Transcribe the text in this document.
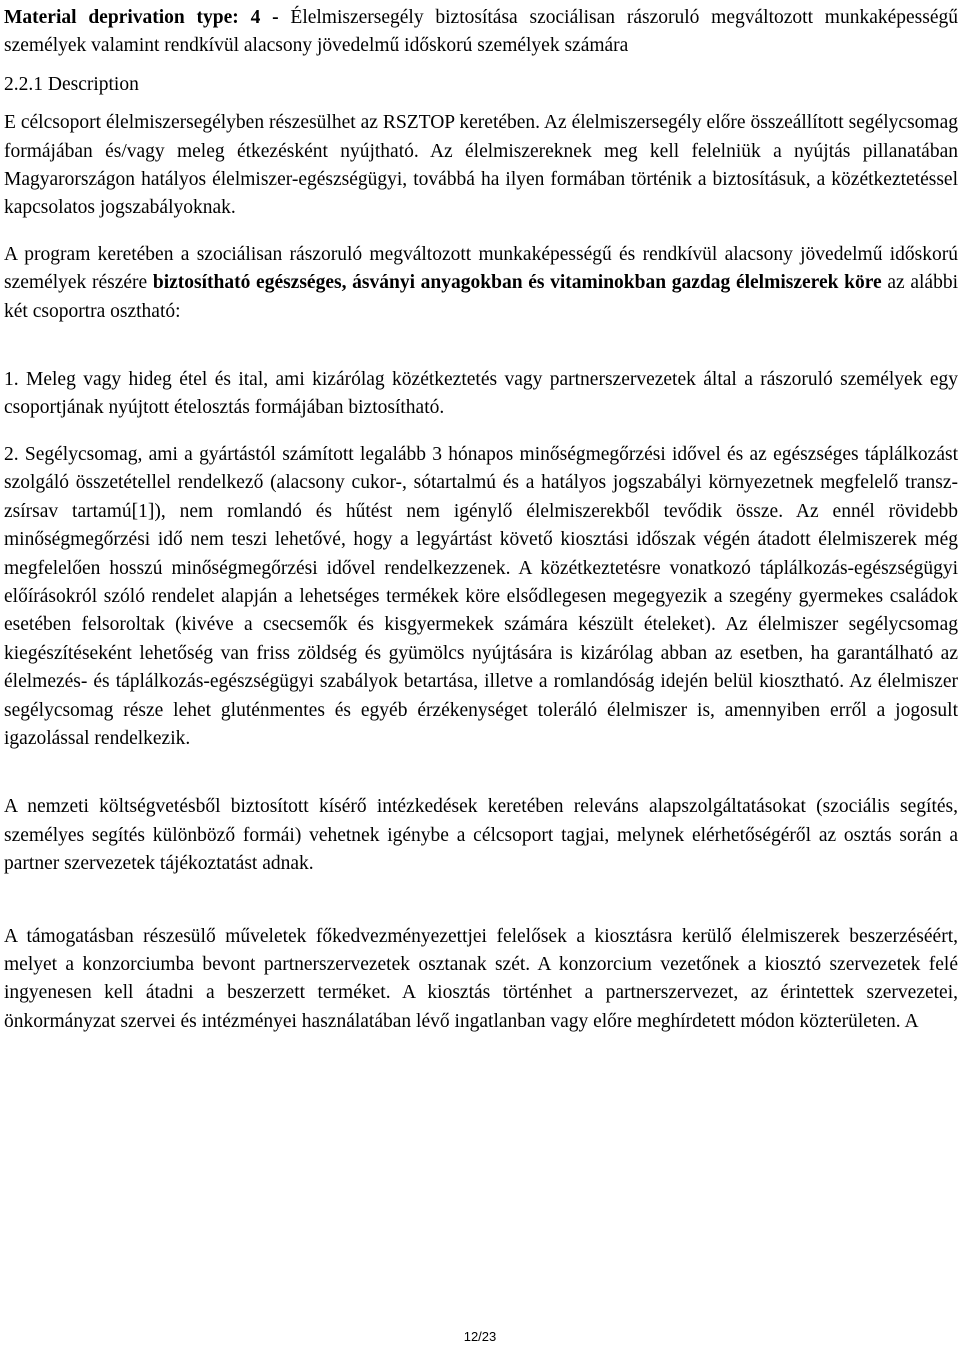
Material deprivation type: 4 - Élelmiszersegély biztosítása szociálisan rászoruló megváltozott munkaképességű személyek valamint rendkívül alacsony jövedelmű időskorú személyek számára

2.2.1 Description

E célcsoport élelmiszersegélyben részesülhet az RSZTOP keretében. Az élelmiszersegély előre összeállított segélycsomag formájában és/vagy meleg étkezésként nyújtható. Az élelmiszereknek meg kell felelniük a nyújtás pillanatában Magyarországon hatályos élelmiszer-egészségügyi, továbbá ha ilyen formában történik a biztosításuk, a közétkeztetéssel kapcsolatos jogszabályoknak.

A program keretében a szociálisan rászoruló megváltozott munkaképességű és rendkívül alacsony jövedelmű időskorú személyek részére biztosítható egészséges, ásványi anyagokban és vitaminokban gazdag élelmiszerek köre az alábbi két csoportra osztható:

1. Meleg vagy hideg étel és ital, ami kizárólag közétkeztetés vagy partnerszervezetek által a rászoruló személyek egy csoportjának nyújtott ételosztás formájában biztosítható.

2. Segélycsomag, ami a gyártástól számított legalább 3 hónapos minőségmegőrzési idővel és az egészséges táplálkozást szolgáló összetétellel rendelkező (alacsony cukor-, sótartalmú és a hatályos jogszabályi környezetnek megfelelő transz-zsírsav tartamú[1]), nem romlandó és hűtést nem igénylő élelmiszerekből tevődik össze. Az ennél rövidebb minőségmegőrzési idő nem teszi lehetővé, hogy a legyártást követő kiosztási időszak végén átadott élelmiszerek még megfelelően hosszú minőségmegőrzési idővel rendelkezzenek. A közétkeztetésre vonatkozó táplálkozás-egészségügyi előírásokról szóló rendelet alapján a lehetséges termékek köre elsődlegesen megegyezik a szegény gyermekes családok esetében felsoroltak (kivéve a csecsemők és kisgyermekek számára készült ételeket). Az élelmiszer segélycsomag kiegészítéseként lehetőség van friss zöldség és gyümölcs nyújtására is kizárólag abban az esetben, ha garantálható az élelmezés- és táplálkozás-egészségügyi szabályok betartása, illetve a romlandóság idején belül kiosztható. Az élelmiszer segélycsomag része lehet gluténmentes és egyéb érzékenységet toleráló élelmiszer is, amennyiben erről a jogosult igazolással rendelkezik.

A nemzeti költségvetésből biztosított kísérő intézkedések keretében releváns alapszolgáltatásokat (szociális segítés, személyes segítés különböző formái) vehetnek igénybe a célcsoport tagjai, melynek elérhetőségéről az osztás során a partner szervezetek tájékoztatást adnak.

A támogatásban részesülő műveletek főkedvezményezettjei felelősek a kiosztásra kerülő élelmiszerek beszerzéséért, melyet a konzorciumba bevont partnerszervezetek osztanak szét. A konzorcium vezetőnek a kiosztó szervezetek felé ingyenesen kell átadni a beszerzett terméket. A kiosztás történhet a partnerszervezet, az érintettek szervezetei, önkormányzat szervei és intézményei használatában lévő ingatlanban vagy előre meghírdetett módon közterületen. A

12/23
